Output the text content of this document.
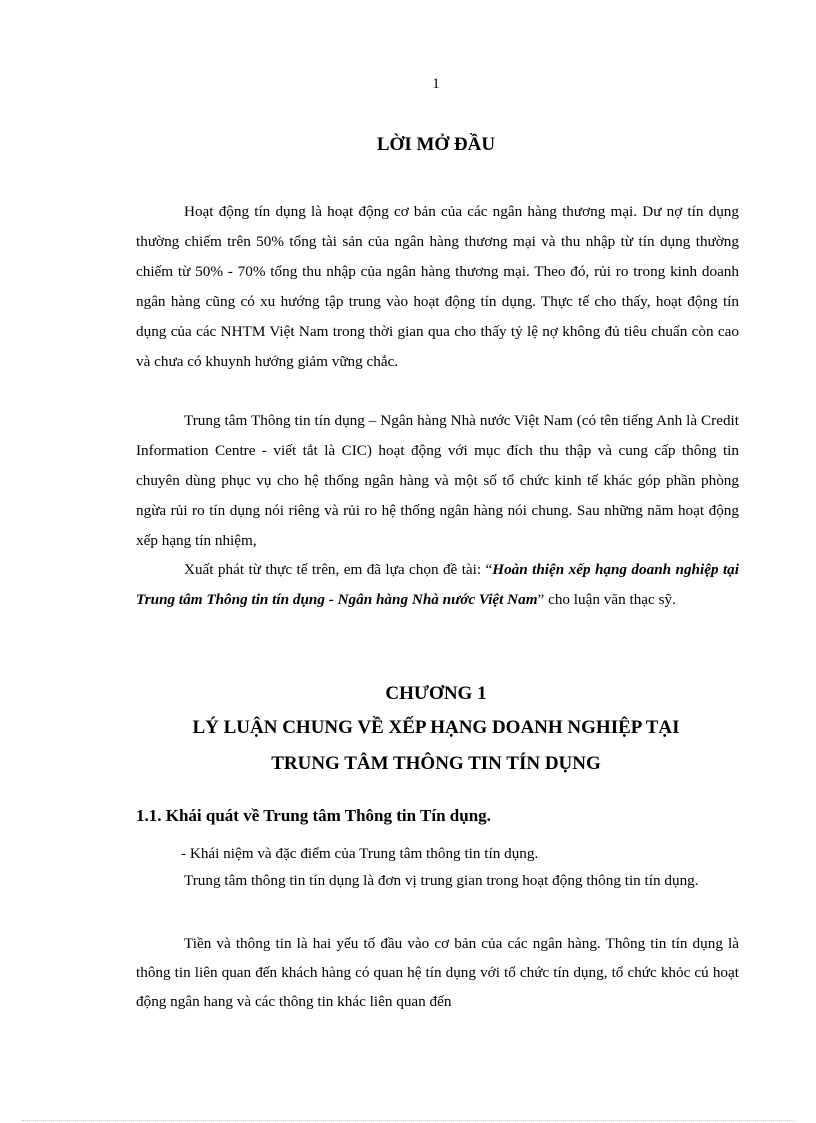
1
LỜI MỞ ĐẦU

Hoạt động tín dụng là hoạt động cơ bản của các ngân hàng thương mại. Dư nợ tín dụng thường chiếm trên 50% tổng tài sản của ngân hàng thương mại và thu nhập từ tín dụng thường chiếm từ 50% - 70% tổng thu nhập của ngân hàng thương mại. Theo đó, rủi ro trong kinh doanh ngân hàng cũng có xu hướng tập trung vào hoạt động tín dụng. Thực tế cho thấy, hoạt động tín dụng của các NHTM Việt Nam trong thời gian qua cho thấy tỷ lệ nợ không đủ tiêu chuẩn còn cao và chưa có khuynh hướng giảm vững chắc.

Trung tâm Thông tin tín dụng – Ngân hàng Nhà nước Việt Nam (có tên tiếng Anh là Credit Information Centre - viết tắt là CIC) hoạt động với mục đích thu thập và cung cấp thông tin chuyên dùng phục vụ cho hệ thống ngân hàng và một số tổ chức kinh tế khác góp phần phòng ngừa rủi ro tín dụng nói riêng và rủi ro hệ thống ngân hàng nói chung. Sau những năm hoạt động xếp hạng tín nhiệm,

Xuất phát từ thực tế trên, em đã lựa chọn đề tài: “Hoàn thiện xếp hạng doanh nghiệp tại Trung tâm Thông tin tín dụng - Ngân hàng Nhà nước Việt Nam” cho luận văn thạc sỹ.

CHƯƠNG 1
LÝ LUẬN CHUNG VỀ XẾP HẠNG DOANH NGHIỆP TẠI
TRUNG TÂM THÔNG TIN TÍN DỤNG
1.1. Khái quát về Trung tâm Thông tin Tín dụng.
- Khái niệm và đặc điểm của Trung tâm thông tin tín dụng.

Trung tâm thông tin tín dụng là đơn vị trung gian trong hoạt động thông tin tín dụng.

Tiền và thông tin là hai yếu tố đầu vào cơ bản của các ngân hàng. Thông tin tín dụng là thông tin liên quan đến khách hàng có quan hệ tín dụng với tổ chức tín dụng, tổ chức khỏc cú hoạt động ngân hang và các thông tin khác liên quan đến
